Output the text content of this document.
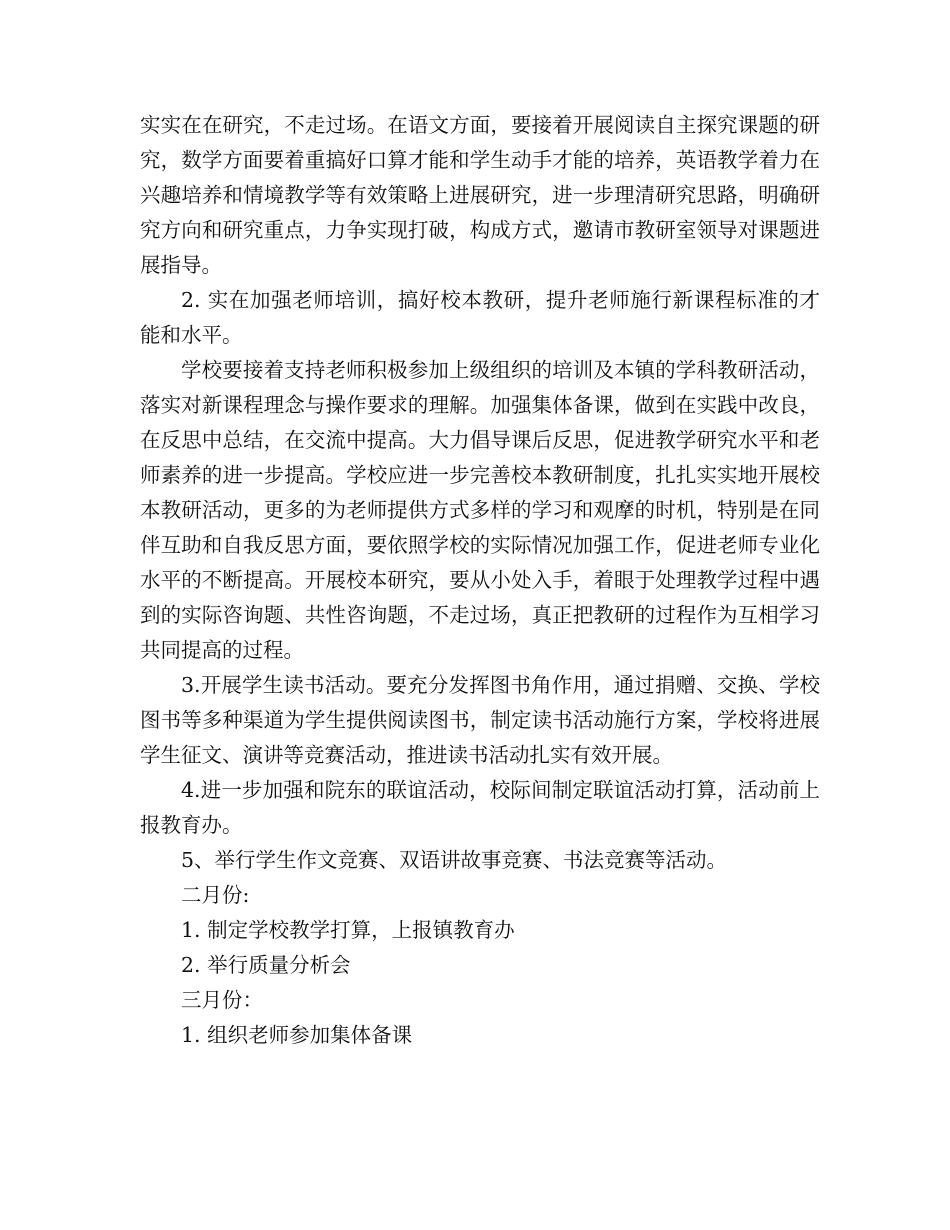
实实在在研究，不走过场。在语文方面，要接着开展阅读自主探究课题的研究，数学方面要着重搞好口算才能和学生动手才能的培养，英语教学着力在兴趣培养和情境教学等有效策略上进展研究，进一步理清研究思路，明确研究方向和研究重点，力争实现打破，构成方式，邀请市教研室领导对课题进展指导。

2. 实在加强老师培训，搞好校本教研，提升老师施行新课程标准的才能和水平。

学校要接着支持老师积极参加上级组织的培训及本镇的学科教研活动，落实对新课程理念与操作要求的理解。加强集体备课，做到在实践中改良，在反思中总结，在交流中提高。大力倡导课后反思，促进教学研究水平和老师素养的进一步提高。学校应进一步完善校本教研制度，扎扎实实地开展校本教研活动，更多的为老师提供方式多样的学习和观摩的时机，特别是在同伴互助和自我反思方面，要依照学校的实际情况加强工作，促进老师专业化水平的不断提高。开展校本研究，要从小处入手，着眼于处理教学过程中遇到的实际咨询题、共性咨询题，不走过场，真正把教研的过程作为互相学习共同提高的过程。

3.开展学生读书活动。要充分发挥图书角作用，通过捐赠、交换、学校图书等多种渠道为学生提供阅读图书，制定读书活动施行方案，学校将进展学生征文、演讲等竞赛活动，推进读书活动扎实有效开展。

4.进一步加强和院东的联谊活动，校际间制定联谊活动打算，活动前上报教育办。

5、举行学生作文竞赛、双语讲故事竞赛、书法竞赛等活动。

二月份:

1. 制定学校教学打算，上报镇教育办

2. 举行质量分析会

三月份：

1. 组织老师参加集体备课
